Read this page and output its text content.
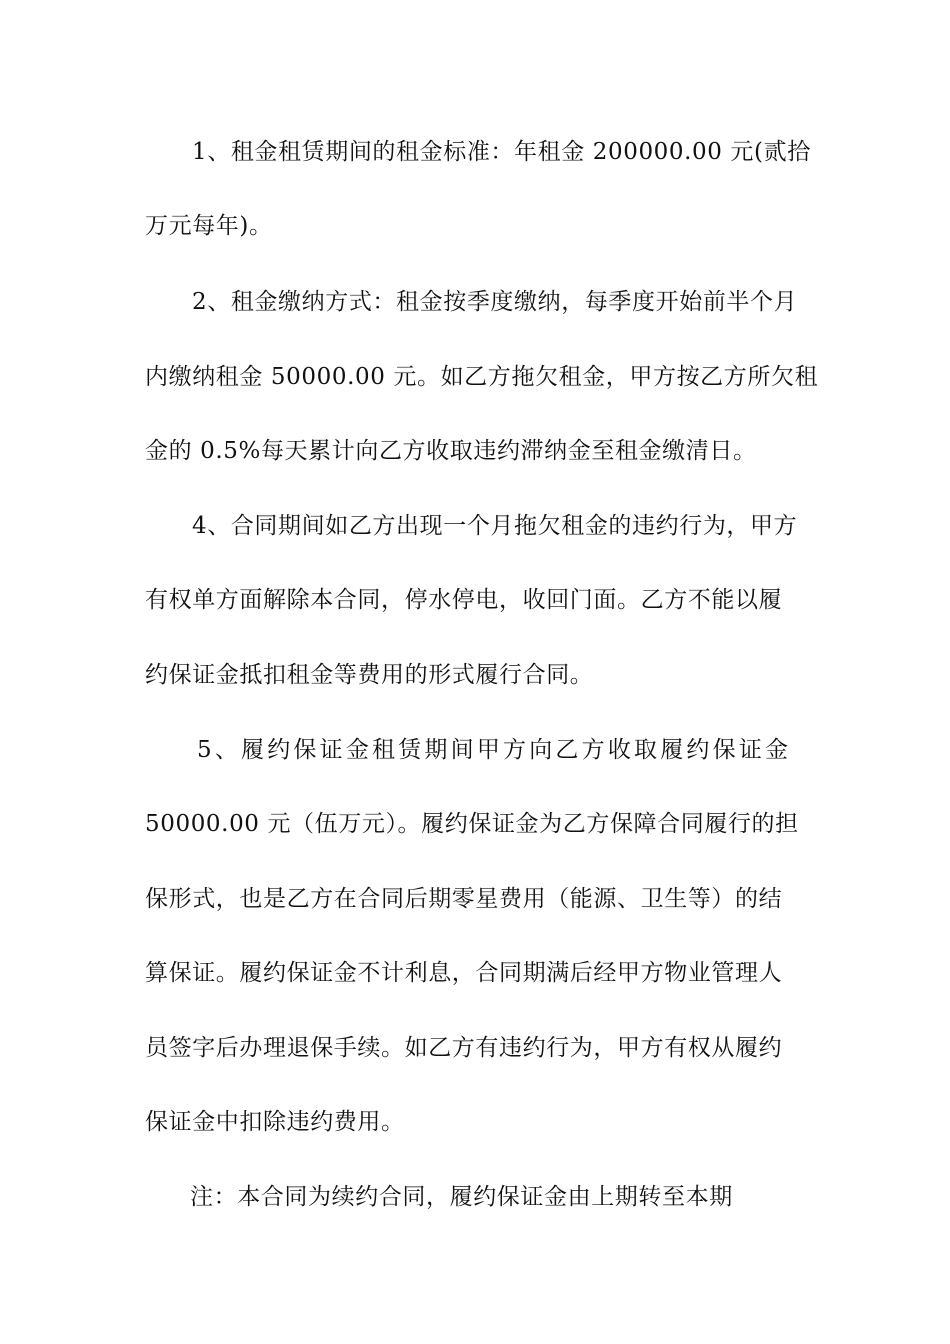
1、租金租赁期间的租金标准：年租金 200000.00 元(贰拾
万元每年)。
2、租金缴纳方式：租金按季度缴纳，每季度开始前半个月
内缴纳租金 50000.00 元。如乙方拖欠租金，甲方按乙方所欠租
金的 0.5%每天累计向乙方收取违约滞纳金至租金缴清日。
4、合同期间如乙方出现一个月拖欠租金的违约行为，甲方
有权单方面解除本合同，停水停电，收回门面。乙方不能以履
约保证金抵扣租金等费用的形式履行合同。
5、履约保证金租赁期间甲方向乙方收取履约保证金
50000.00 元（伍万元）。履约保证金为乙方保障合同履行的担
保形式，也是乙方在合同后期零星费用（能源、卫生等）的结
算保证。履约保证金不计利息，合同期满后经甲方物业管理人
员签字后办理退保手续。如乙方有违约行为，甲方有权从履约
保证金中扣除违约费用。
注：本合同为续约合同，履约保证金由上期转至本期
